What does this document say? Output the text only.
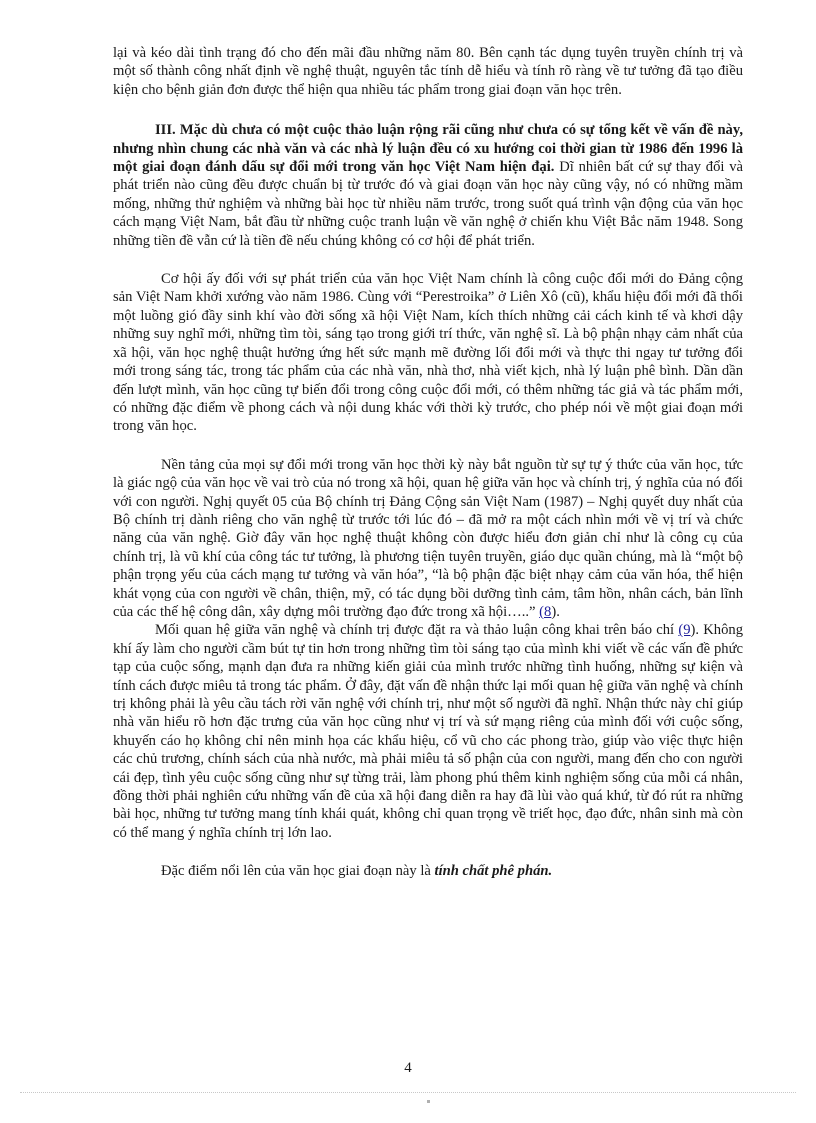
lại và kéo dài tình trạng đó cho đến mãi đầu những năm 80. Bên cạnh tác dụng tuyên truyền chính trị và một số thành công nhất định về nghệ thuật, nguyên tắc tính dễ hiểu và tính rõ ràng về tư tưởng đã tạo điều kiện cho bệnh giản đơn được thể hiện qua nhiều tác phẩm trong giai đoạn văn học trên.

III. Mặc dù chưa có một cuộc thảo luận rộng rãi cũng như chưa có sự tổng kết về vấn đề này, nhưng nhìn chung các nhà văn và các nhà lý luận đều có xu hướng coi thời gian từ 1986 đến 1996 là một giai đoạn đánh dấu sự đổi mới trong văn học Việt Nam hiện đại. Dĩ nhiên bất cứ sự thay đổi và phát triển nào cũng đều được chuẩn bị từ trước đó và giai đoạn văn học này cũng vậy, nó có những mầm mống, những thử nghiệm và những bài học từ nhiều năm trước, trong suốt quá trình vận động của văn học cách mạng Việt Nam, bắt đầu từ những cuộc tranh luận về văn nghệ ở chiến khu Việt Bắc năm 1948. Song những tiền đề vẫn cứ là tiền đề nếu chúng không có cơ hội để phát triển.

Cơ hội ấy đối với sự phát triển của văn học Việt Nam chính là công cuộc đổi mới do Đảng cộng sản Việt Nam khởi xướng vào năm 1986. Cùng với “Perestroika” ở Liên Xô (cũ), khẩu hiệu đổi mới đã thổi một luồng gió đầy sinh khí vào đời sống xã hội Việt Nam, kích thích những cải cách kinh tế và khơi dậy những suy nghĩ mới, những tìm tòi, sáng tạo trong giới trí thức, văn nghệ sĩ. Là bộ phận nhạy cảm nhất của xã hội, văn học nghệ thuật hưởng ứng hết sức mạnh mẽ đường lối đổi mới và thực thi ngay tư tưởng đổi mới trong sáng tác, trong tác phẩm của các nhà văn, nhà thơ, nhà viết kịch, nhà lý luận phê bình. Dần dần đến lượt mình, văn học cũng tự biến đổi trong công cuộc đổi mới, có thêm những tác giả và tác phẩm mới, có những đặc điểm về phong cách và nội dung khác với thời kỳ trước, cho phép nói về một giai đoạn mới trong văn học.

Nền tảng của mọi sự đổi mới trong văn học thời kỳ này bắt nguồn từ sự tự ý thức của văn học, tức là giác ngộ của văn học về vai trò của nó trong xã hội, quan hệ giữa văn học và chính trị, ý nghĩa của nó đối với con người. Nghị quyết 05 của Bộ chính trị Đảng Cộng sản Việt Nam (1987) – Nghị quyết duy nhất của Bộ chính trị dành riêng cho văn nghệ từ trước tới lúc đó – đã mở ra một cách nhìn mới về vị trí và chức năng của văn nghệ. Giờ đây văn học nghệ thuật không còn được hiểu đơn giản chỉ như là công cụ của chính trị, là vũ khí của công tác tư tưởng, là phương tiện tuyên truyền, giáo dục quần chúng, mà là “một bộ phận trọng yếu của cách mạng tư tưởng và văn hóa”, “là bộ phận đặc biệt nhạy cảm của văn hóa, thể hiện khát vọng của con người về chân, thiện, mỹ, có tác dụng bồi dưỡng tình cảm, tâm hồn, nhân cách, bản lĩnh của các thế hệ công dân, xây dựng môi trường đạo đức trong xã hội…..” (8).

Mối quan hệ giữa văn nghệ và chính trị được đặt ra và thảo luận công khai trên báo chí (9). Không khí ấy làm cho người cầm bút tự tin hơn trong những tìm tòi sáng tạo của mình khi viết về các vấn đề phức tạp của cuộc sống, mạnh dạn đưa ra những kiến giải của mình trước những tình huống, những sự kiện và tính cách được miêu tả trong tác phẩm. Ở đây, đặt vấn đề nhận thức lại mối quan hệ giữa văn nghệ và chính trị không phải là yêu cầu tách rời văn nghệ với chính trị, như một số người đã nghĩ. Nhận thức này chỉ giúp nhà văn hiểu rõ hơn đặc trưng của văn học cũng như vị trí và sứ mạng riêng của mình đối với cuộc sống, khuyến cáo họ không chỉ nên minh họa các khẩu hiệu, cổ vũ cho các phong trào, giúp vào việc thực hiện các chủ trương, chính sách của nhà nước, mà phải miêu tả số phận của con người, mang đến cho con người cái đẹp, tình yêu cuộc sống cũng như sự từng trải, làm phong phú thêm kinh nghiệm sống của mỗi cá nhân, đồng thời phải nghiên cứu những vấn đề của xã hội đang diễn ra hay đã lùi vào quá khứ, từ đó rút ra những bài học, những tư tưởng mang tính khái quát, không chỉ quan trọng về triết học, đạo đức, nhân sinh mà còn có thể mang ý nghĩa chính trị lớn lao.

Đặc điểm nổi lên của văn học giai đoạn này là tính chất phê phán.

4
